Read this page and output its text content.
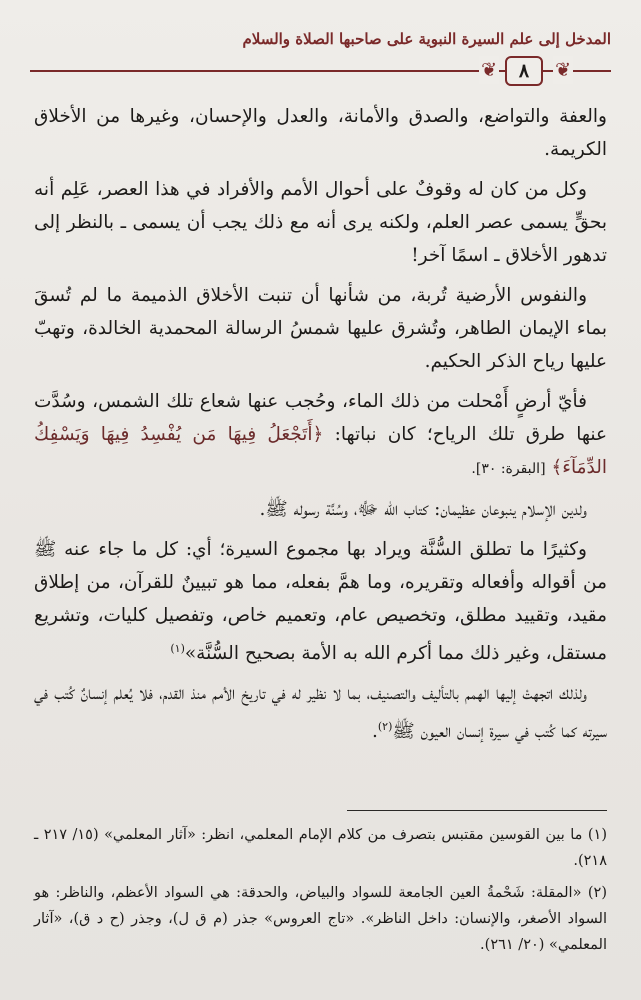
المدخل إلى علم السيرة النبوية على صاحبها الصلاة والسلام
❦	٨	❦

والعفة والتواضع، والصدق والأمانة، والعدل والإحسان، وغيرها من الأخلاق الكريمة.

وكل من كان له وقوفٌ على أحوال الأمم والأفراد في هذا العصر، عَلِم أنه بحقٍّ يسمى عصر العلم، ولكنه يرى أنه مع ذلك يجب أن يسمى ـ بالنظر إلى تدهور الأخلاق ـ اسمًا آخر!

والنفوس الأرضية تُربة، من شأنها أن تنبت الأخلاق الذميمة ما لم تُسقَ بماء الإيمان الطاهر، وتُشرق عليها شمسُ الرسالة المحمدية الخالدة، وتهبّ عليها رياح الذكر الحكيم.

فأيّ أرضٍ أَمْحلت من ذلك الماء، وحُجب عنها شعاع تلك الشمس، وسُدَّت عنها طرق تلك الرياح؛ كان نباتها: ﴿أَتَجْعَلُ فِيهَا مَن يُفْسِدُ فِيهَا وَيَسْفِكُ الدِّمَآءَ﴾ [البقرة: ٣٠].

ولدين الإسلام ينبوعان عظيمان: كتاب الله ﷻ، وسُنَّة رسوله ﷺ.

وكثيرًا ما تطلق السُّنَّة ويراد بها مجموع السيرة؛ أي: كل ما جاء عنه ﷺ من أقواله وأفعاله وتقريره، وما همَّ بفعله، مما هو تبيينٌ للقرآن، من إطلاق مقيد، وتقييد مطلق، وتخصيص عام، وتعميم خاص، وتفصيل كليات، وتشريع مستقل، وغير ذلك مما أكرم الله به الأمة بصحيح السُّنَّة»$^{(١)}$

ولذلك اتجهتْ إليها الهمم بالتأليف والتصنيف، بما لا نظير له في تاريخ الأمم منذ القدم، فلا يُعلم إنسانٌ كُتب في سيرته كما كُتب في سيرة إنسان العيون ﷺ$^{(٢)}$.

(١) ما بين القوسين مقتبس بتصرف من كلام الإمام المعلمي، انظر: «آثار المعلمي» (١٥/ ٢١٧ ـ ٢١٨).

(٢) «المقلة: شَحْمةُ العين الجامعة للسواد والبياض، والحدقة: هي السواد الأعظم، والناظر: هو السواد الأصغر، والإنسان: داخل الناظر». «تاج العروس» جذر (م ق ل)، وجذر (ح د ق)، «آثار المعلمي» (٢٠/ ٢٦١).
